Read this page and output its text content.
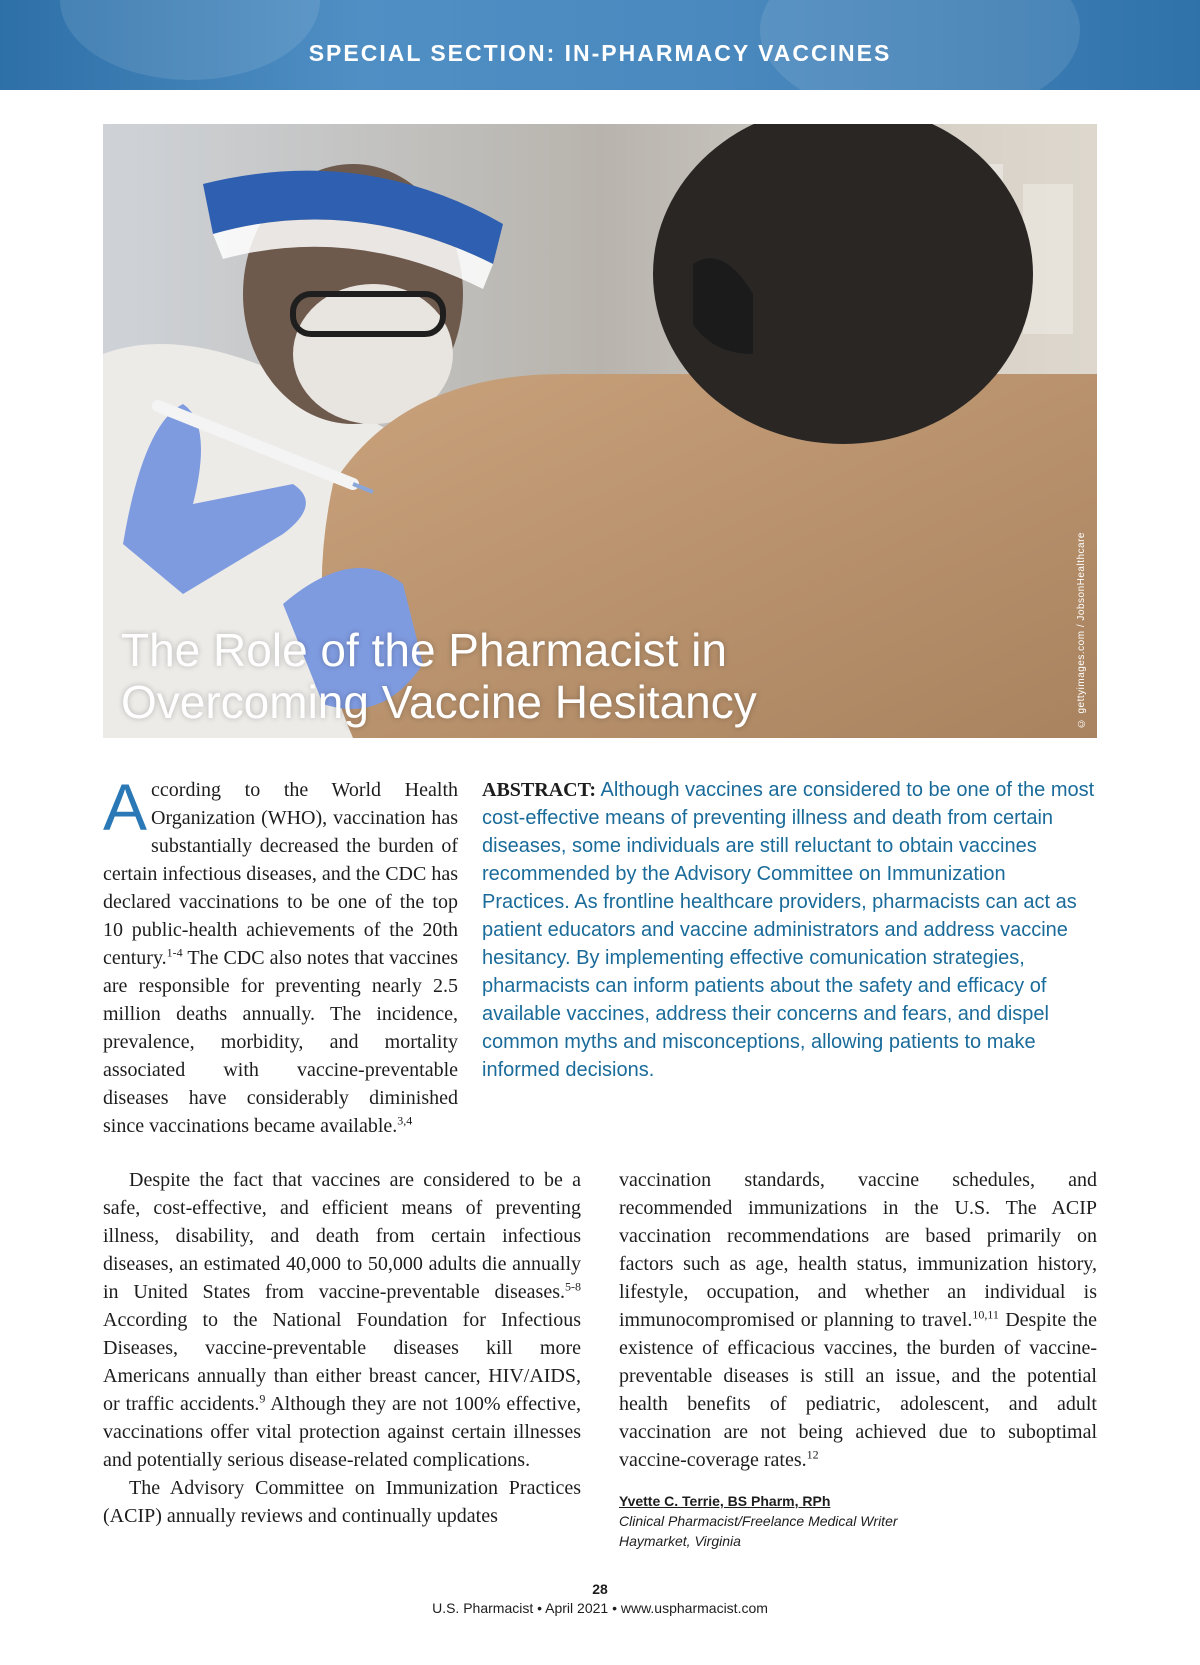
SPECIAL SECTION: IN-PHARMACY VACCINES
The Role of the Pharmacist in
Overcoming Vaccine Hesitancy	© gettyimages.com / JobsonHealthcare
A ccording to the World Health Organization (WHO), vaccination has substantially decreased the burden of certain infectious diseases, and the CDC has declared vaccinations to be one of the top 10 public-health achievements of the 20th century.$^{1-4}$ The CDC also notes that vaccines are responsible for preventing nearly 2.5 million deaths annually. The incidence, prevalence, morbidity, and mortality associated with vaccine-preventable diseases have considerably diminished since vaccinations became available.$^{3,4}$
ABSTRACT: Although vaccines are considered to be one of the most cost-effective means of preventing illness and death from certain diseases, some individuals are still reluctant to obtain vaccines recommended by the Advisory Committee on Immunization Practices. As frontline healthcare providers, pharmacists can act as patient educators and vaccine administrators and address vaccine hesitancy. By implementing effective comunication strategies, pharmacists can inform patients about the safety and efficacy of available vaccines, address their concerns and fears, and dispel common myths and misconceptions, allowing patients to make informed decisions.

Despite the fact that vaccines are considered to be a safe, cost-effective, and efficient means of preventing illness, disability, and death from certain infectious diseases, an estimated 40,000 to 50,000 adults die annually in United States from vaccine-preventable diseases.$^{5-8}$ According to the National Foundation for Infectious Diseases, vaccine-preventable diseases kill more Americans annually than either breast cancer, HIV/AIDS, or traffic accidents.$^9$ Although they are not 100% effective, vaccinations offer vital protection against certain illnesses and potentially serious disease-related complications.

The Advisory Committee on Immunization Practices (ACIP) annually reviews and continually updates

vaccination standards, vaccine schedules, and recommended immunizations in the U.S. The ACIP vaccination recommendations are based primarily on factors such as age, health status, immunization history, lifestyle, occupation, and whether an individual is immunocompromised or planning to travel.$^{10,11}$ Despite the existence of efficacious vaccines, the burden of vaccine-preventable diseases is still an issue, and the potential health benefits of pediatric, adolescent, and adult vaccination are not being achieved due to suboptimal vaccine-coverage rates.$^{12}$

Yvette C. Terrie, BS Pharm, RPh
Clinical Pharmacist/Freelance Medical Writer
Haymarket, Virginia
28
U.S. Pharmacist • April 2021 • www.uspharmacist.com
